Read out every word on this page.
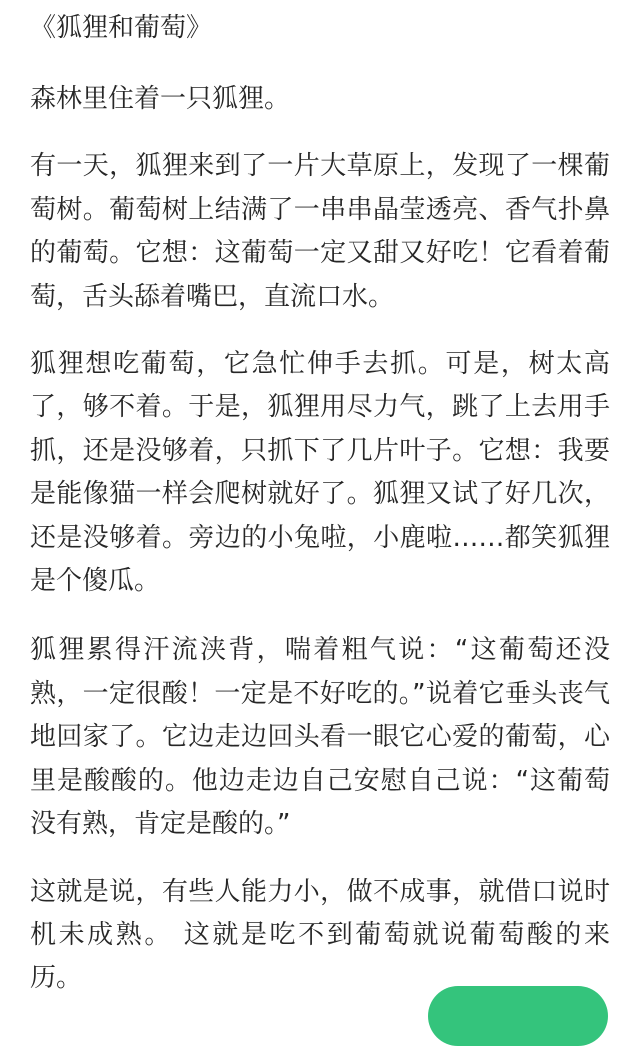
《狐狸和葡萄》

森林里住着一只狐狸。

有一天，狐狸来到了一片大草原上，发现了一棵葡萄树。葡萄树上结满了一串串晶莹透亮、香气扑鼻的葡萄。它想：这葡萄一定又甜又好吃！它看着葡萄，舌头舔着嘴巴，直流口水。

狐狸想吃葡萄，它急忙伸手去抓。可是，树太高了，够不着。于是，狐狸用尽力气，跳了上去用手抓，还是没够着，只抓下了几片叶子。它想：我要是能像猫一样会爬树就好了。狐狸又试了好几次，还是没够着。旁边的小兔啦，小鹿啦……都笑狐狸是个傻瓜。

狐狸累得汗流浃背，喘着粗气说：“这葡萄还没熟，一定很酸！一定是不好吃的。”说着它垂头丧气地回家了。它边走边回头看一眼它心爱的葡萄，心里是酸酸的。他边走边自己安慰自己说：“这葡萄没有熟，肯定是酸的。”

这就是说，有些人能力小，做不成事，就借口说时机未成熟。 这就是吃不到葡萄就说葡萄酸的来历。
